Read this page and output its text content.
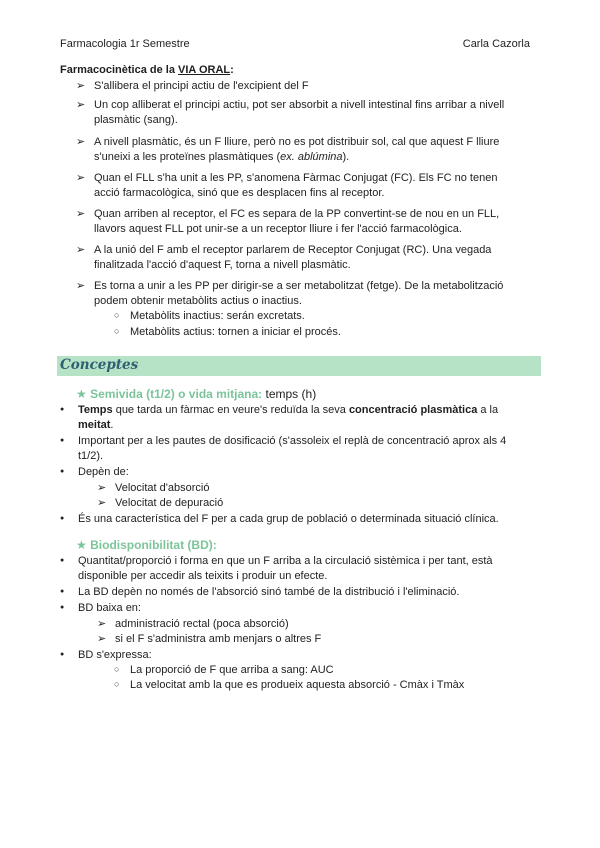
Farmacologia 1r Semestre	Carla Cazorla
Farmacocinètica de la VIA ORAL:
➢ S'allibera el principi actiu de l'excipient del F
➢ Un cop alliberat el principi actiu, pot ser absorbit a nivell intestinal fins arribar a nivell
plasmàtic (sang).
➢ A nivell plasmàtic, és un F lliure, però no es pot distribuir sol, cal que aquest F lliure
s'uneixi a les proteïnes plasmàtiques (ex. ablúmina).
➢ Quan el FLL s'ha unit a les PP, s'anomena Fàrmac Conjugat (FC). Els FC no tenen
acció farmacològica, sinó que es desplacen fins al receptor.
➢ Quan arriben al receptor, el FC es separa de la PP convertint-se de nou en un FLL,
llavors aquest FLL pot unir-se a un receptor lliure i fer l'acció farmacològica.
➢ A la unió del F amb el receptor parlarem de Receptor Conjugat (RC). Una vegada
finalitzada l'acció d'aquest F, torna a nivell plasmàtic.
➢ Es torna a unir a les PP per dirigir-se a ser metabolitzat (fetge). De la metabolització
podem obtenir metabòlits actius o inactius.
○ Metabòlits inactius: serán excretats.
○ Metabòlits actius: tornen a iniciar el procés.
Conceptes
★ Semivida (t1/2) o vida mitjana: temps (h)
● Temps que tarda un fàrmac en veure's reduïda la seva concentració plasmàtica a la
meitat.
● Important per a les pautes de dosificació (s'assoleix el replà de concentració aprox als 4
t1/2).
● Depèn de:
➢ Velocitat d'absorció
➢ Velocitat de depuració
● És una característica del F per a cada grup de població o determinada situació clínica.
★ Biodisponibilitat (BD):
● Quantitat/proporció i forma en que un F arriba a la circulació sistèmica i per tant, està
disponible per accedir als teixits i produir un efecte.
● La BD depèn no només de l'absorció sinó també de la distribució i l'eliminació.
● BD baixa en:
➢ administració rectal (poca absorció)
➢ si el F s'administra amb menjars o altres F
● BD s'expressa:
○ La proporció de F que arriba a sang: AUC
○ La velocitat amb la que es produeix aquesta absorció - Cmàx i Tmàx
